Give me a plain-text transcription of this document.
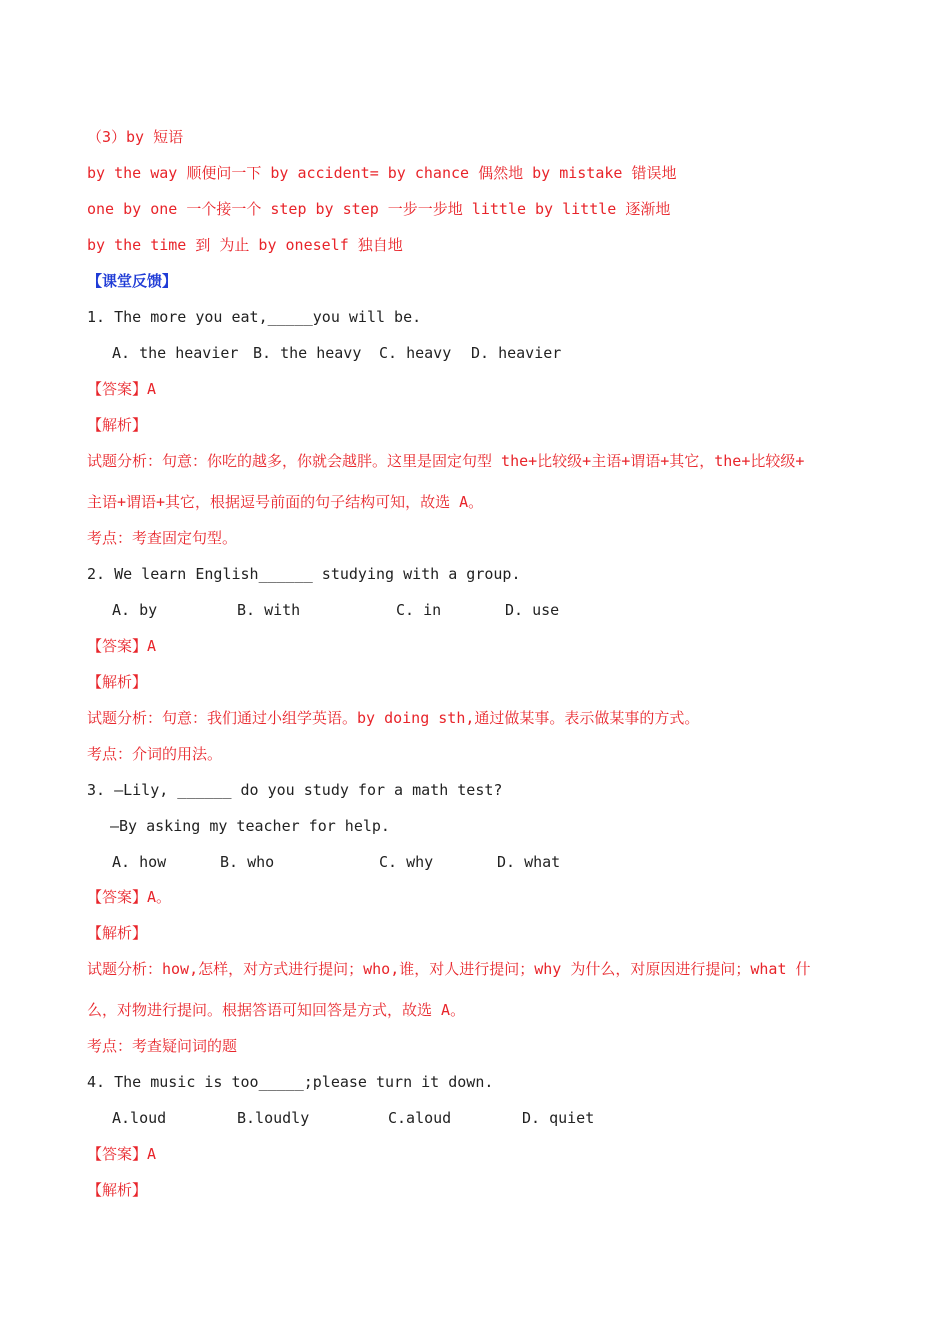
（3）by 短语
by the way 顺便问一下 by accident= by chance 偶然地 by mistake 错误地
one by one 一个接一个 step by step 一步一步地 little by little 逐渐地
by the time 到 为止 by oneself 独自地
【课堂反馈】
1. The more you eat,_____you will be.
A. the heavier B. the heavy C. heavy D. heavier
【答案】A
【解析】
试题分析：句意：你吃的越多，你就会越胖。这里是固定句型 the+比较级+主语+谓语+其它，the+比较级+
主语+谓语+其它，根据逗号前面的句子结构可知，故选 A。
考点：考查固定句型。
2. We learn English______ studying with a group.
A. by	B. with	C. in	D. use
【答案】A
【解析】
试题分析：句意：我们通过小组学英语。by doing sth,通过做某事。表示做某事的方式。
考点：介词的用法。
3. —Lily, ______ do you study for a math test?
—By asking my teacher for help.
A. how	B. who	C. why	D. what
【答案】A。
【解析】
试题分析：how,怎样，对方式进行提问；who,谁，对人进行提问；why 为什么，对原因进行提问；what 什
么，对物进行提问。根据答语可知回答是方式，故选 A。
考点：考查疑问词的题
4. The music is too_____;please turn it down.
A.loud	B.loudly	C.aloud	D. quiet
【答案】A
【解析】
